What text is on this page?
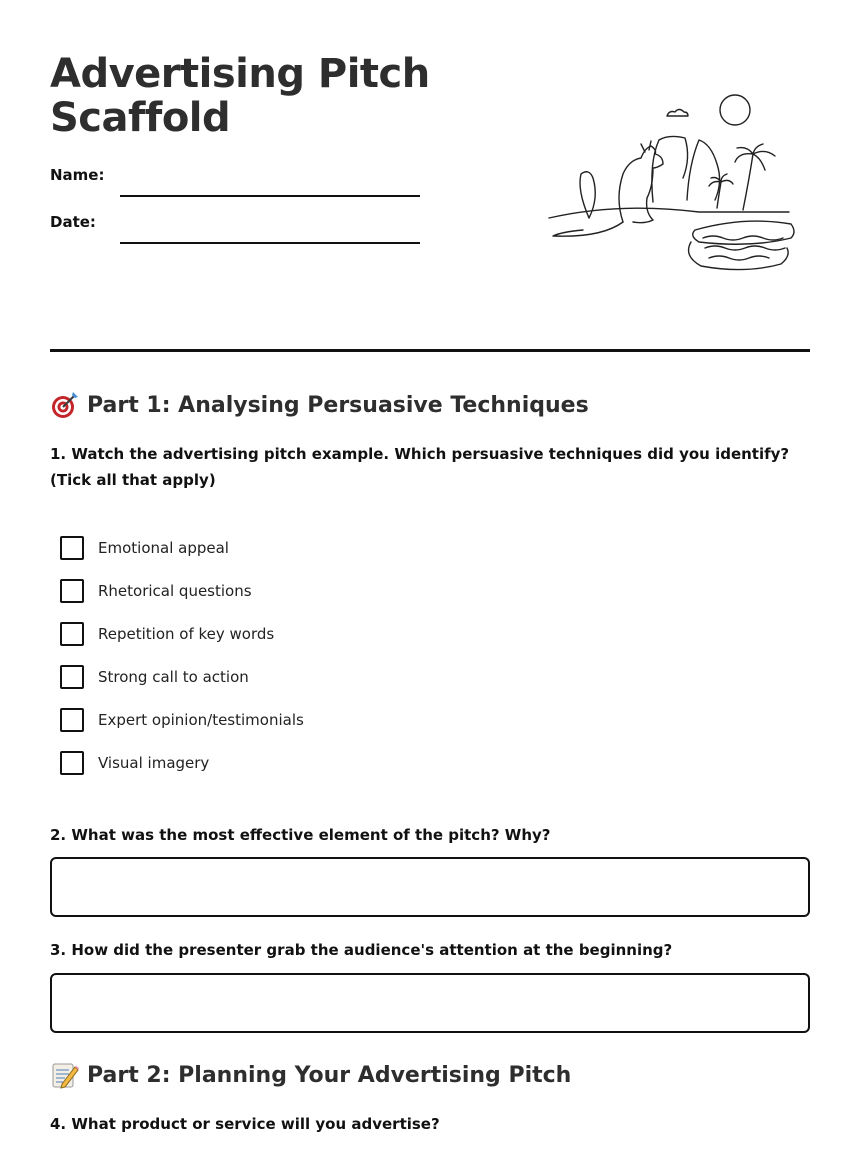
Advertising Pitch
Scaffold
Name:
Date:
Part 1: Analysing Persuasive Techniques

1. Watch the advertising pitch example. Which persuasive techniques did you identify? (Tick all that apply)

Emotional appeal
Rhetorical questions
Repetition of key words
Strong call to action
Expert opinion/testimonials
Visual imagery

2. What was the most effective element of the pitch? Why?

3. How did the presenter grab the audience's attention at the beginning?

Part 2: Planning Your Advertising Pitch

4. What product or service will you advertise?
